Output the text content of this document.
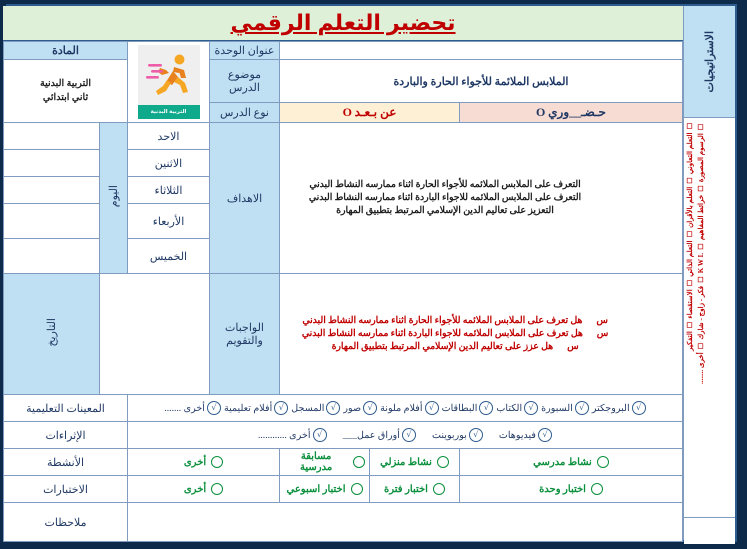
الاستراتيجيات
☐ التعلم التعاوني ☐ التعلم بالأقران ☐ التعلم الذاتي ☐ الاستقصاء ☐ التفكير ☐ الرسوم المصورة ☐ خرائط المفاهيم ☐ K W L ☐ فكر - زاوج - شارك ☐ أخرى ........
تحضير التعلم الرقمي
			عنوان الوحدة	التربية البدنية	المادة	
الملابس الملائمة للأجواء الحارة والباردة			موضوع الدرس		التربية البدنية
ثاني ابتدائي	

حـضـ__وري O	عن بـعـد O		نوع الدرس			

التعرف على الملابس الملائمه للأجواء الحارة اثناء ممارسه النشاط البدني
التعرف على الملابس الملائمه للاجواء الباردة اثناء ممارسه النشاط البدني
التعزيز على تعاليم الدين الإسلامي المرتبط بتطبيق المهارة			الاهداف	الاحد	اليوم	
				الاثنين		
				الثلاثاء		
				الأربعاء		
				الخميس		

س
هل تعرف على الملابس الملائمه للأجواء الحارة اثناء ممارسه النشاط البدني
س
هل تعرف على الملابس الملائمه للاجواء الباردة اثناء ممارسه النشاط البدني
س
هل عزز على تعاليم الدين الإسلامي المرتبط بتطبيق المهارة
	الواجبات والتقويم		التاريخ

√
البروجكتر
√
السبورة
√
الكتاب
√
البطاقات
√
أفلام ملونة
√
صور
√
المسجل
√
أفلام تعليمية
√
أخرى .......
	المعينات التعليمية

√
فيديوهات
√
بوربوينت
√
أوراق عمل___
√
أخرى ............
	الإثراءات

نشاط مدرسي	نشاط منزلي	مسابقة مدرسية	أخرى		الأنشطة	

اختبار وحدة	اختبار فترة	اختبار اسبوعي	أخرى		الاختبارات	
					ملاحظات	
